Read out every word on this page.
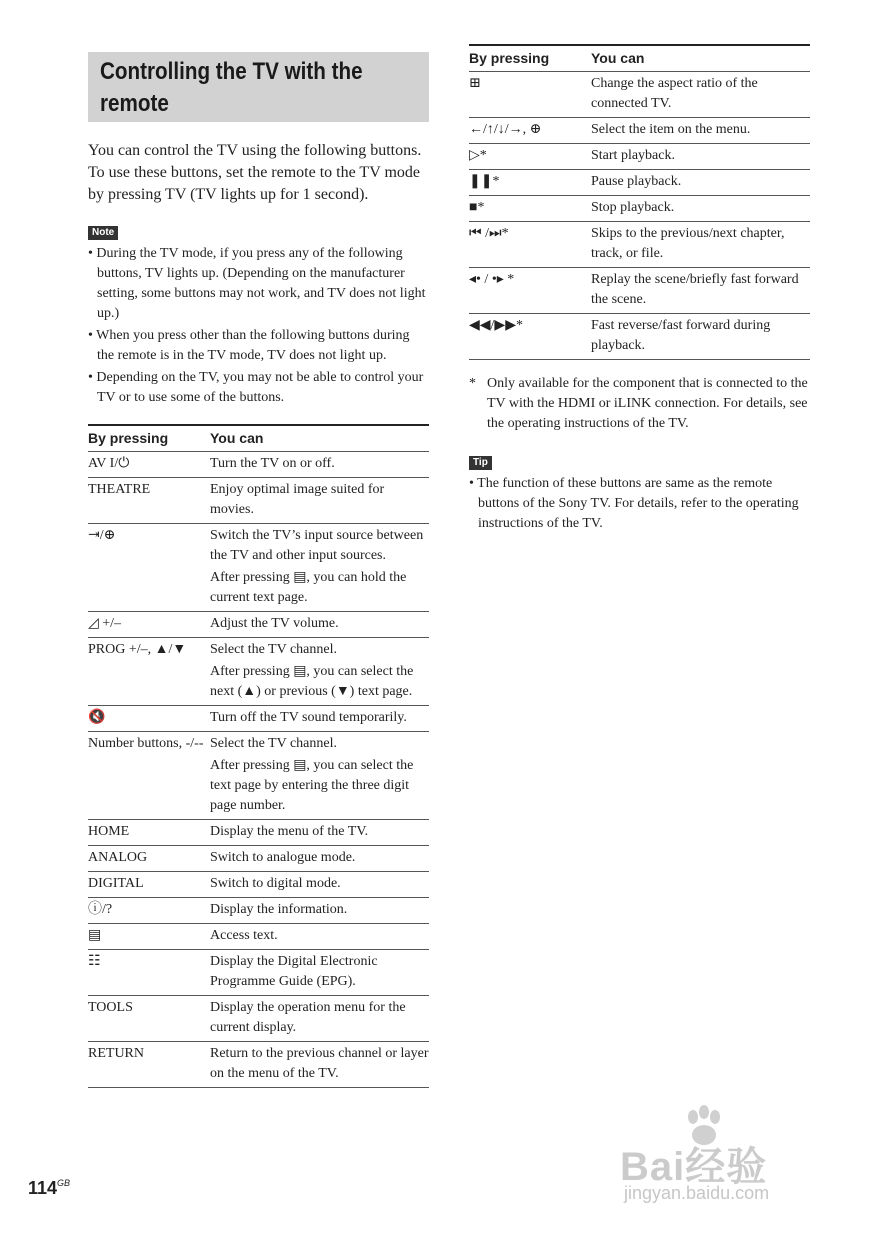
Controlling the TV with the
remote

You can control the TV using the following buttons. To use these buttons, set the remote to the TV mode by pressing TV (TV lights up for 1 second).

Note
• During the TV mode, if you press any of the following buttons, TV lights up. (Depending on the manufacturer setting, some buttons may not work, and TV does not light up.)
• When you press other than the following buttons during the remote is in the TV mode, TV does not light up.
• Depending on the TV, you may not be able to control your TV or to use some of the buttons.
By pressing	You can
AV I/⏻	Turn the TV on or off.
THEATRE	Enjoy optimal image suited for movies.
⇥/⊕	Switch the TV’s input source between the TV and other input sources.
After pressing ▤, you can hold the current text page.

◿ +/–	Adjust the TV volume.
PROG +/–, ▲/▼	Select the TV channel.
After pressing ▤, you can select the next (▲) or previous (▼) text page.

🔇	Turn off the TV sound temporarily.
Number buttons, -/--	Select the TV channel.
After pressing ▤, you can select the text page by entering the three digit page number.

HOME	Display the menu of the TV.
ANALOG	Switch to analogue mode.
DIGITAL	Switch to digital mode.
ⓘ/?	Display the information.
▤	Access text.
☷	Display the Digital Electronic Programme Guide (EPG).
TOOLS	Display the operation menu for the current display.
RETURN	Return to the previous channel or layer on the menu of the TV.
By pressing	You can
⊞	Change the aspect ratio of the connected TV.
←/↑/↓/→, ⊕	Select the item on the menu.
▷*	Start playback.
❚❚*	Pause playback.
■*	Stop playback.
⏮ /⏭*	Skips to the previous/next chapter, track, or file.
◂• / •▸ *	Replay the scene/briefly fast forward the scene.
◀◀/▶▶*	Fast reverse/fast forward during playback.
* Only available for the component that is connected to the TV with the HDMI or iLINK connection. For details, see the operating instructions of the TV.
Tip
• The function of these buttons are same as the remote buttons of the Sony TV. For details, refer to the operating instructions of the TV.
$114^{GB}$	Bai经验
jingyan.baidu.com
